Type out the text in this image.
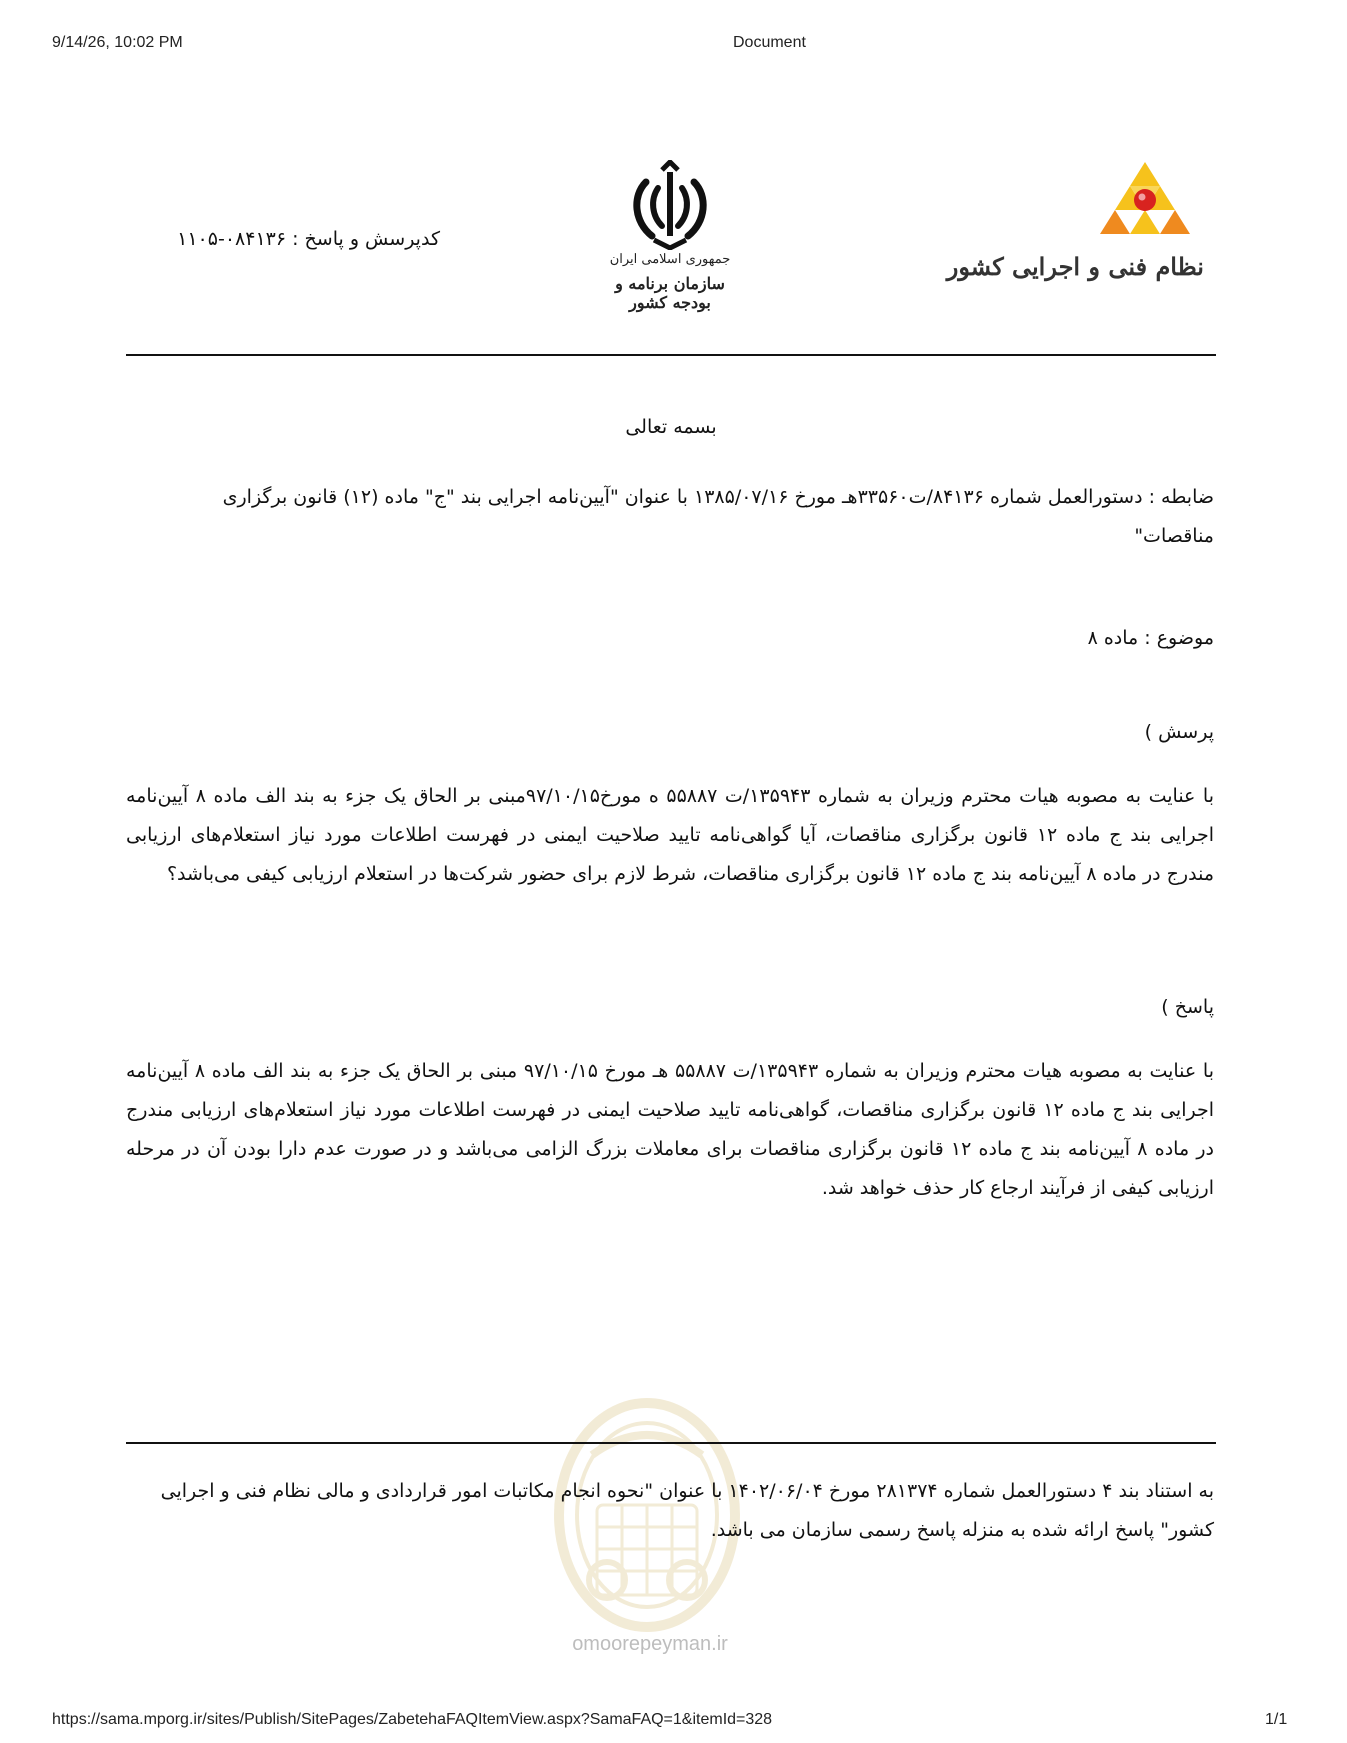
9/14/26, 10:02 PM	Document
نظام فنی و اجرایی کشور
جمهوری اسلامی ایران
سازمان برنامه و بودجه کشور
کدپرسش و پاسخ : ۰۸۴۱۳۶-۱۱۰۵
بسمه تعالی
ضابطه : دستورالعمل شماره ۸۴۱۳۶/ت۳۳۵۶۰هـ مورخ ۱۳۸۵/۰۷/۱۶ با عنوان "آیین‌نامه اجرایی بند "ج" ماده (۱۲) قانون برگزاری مناقصات"
موضوع : ماده ۸
پرسش )
با عنایت به مصوبه هیات محترم وزیران به شماره ۱۳۵۹۴۳/ت ۵۵۸۸۷ ه مورخ۹۷/۱۰/۱۵مبنی بر الحاق یک جزء به بند الف ماده ۸ آیین‌نامه اجرایی بند ج ماده ۱۲ قانون برگزاری مناقصات، آیا گواهی‌نامه تایید صلاحیت ایمنی در فهرست اطلاعات مورد نیاز استعلام‌های ارزیابی مندرج در ماده ۸ آیین‌نامه بند ج ماده ۱۲ قانون برگزاری مناقصات، شرط لازم برای حضور شرکت‌ها در استعلام ارزیابی کیفی می‌باشد؟
پاسخ )
با عنایت به مصوبه هیات محترم وزیران به شماره ۱۳۵۹۴۳/ت ۵۵۸۸۷ هـ مورخ ۹۷/۱۰/۱۵ مبنی بر الحاق یک جزء به بند الف ماده ۸ آیین‌نامه اجرایی بند ج ماده ۱۲ قانون برگزاری مناقصات، گواهی‌نامه تایید صلاحیت ایمنی در فهرست اطلاعات مورد نیاز استعلام‌های ارزیابی مندرج در ماده ۸ آیین‌نامه بند ج ماده ۱۲ قانون برگزاری مناقصات برای معاملات بزرگ الزامی می‌باشد و در صورت عدم دارا بودن آن در مرحله ارزیابی کیفی از فرآیند ارجاع کار حذف خواهد شد.
به استناد بند ۴ دستورالعمل شماره ۲۸۱۳۷۴ مورخ ۱۴۰۲/۰۶/۰۴ با عنوان "نحوه انجام مکاتبات امور قراردادی و مالی نظام فنی و اجرایی کشور" پاسخ ارائه شده به منزله پاسخ رسمی سازمان می باشد.
omoorepeyman.ir
https://sama.mporg.ir/sites/Publish/SitePages/ZabetehaFAQItemView.aspx?SamaFAQ=1&itemId=328	1/1
